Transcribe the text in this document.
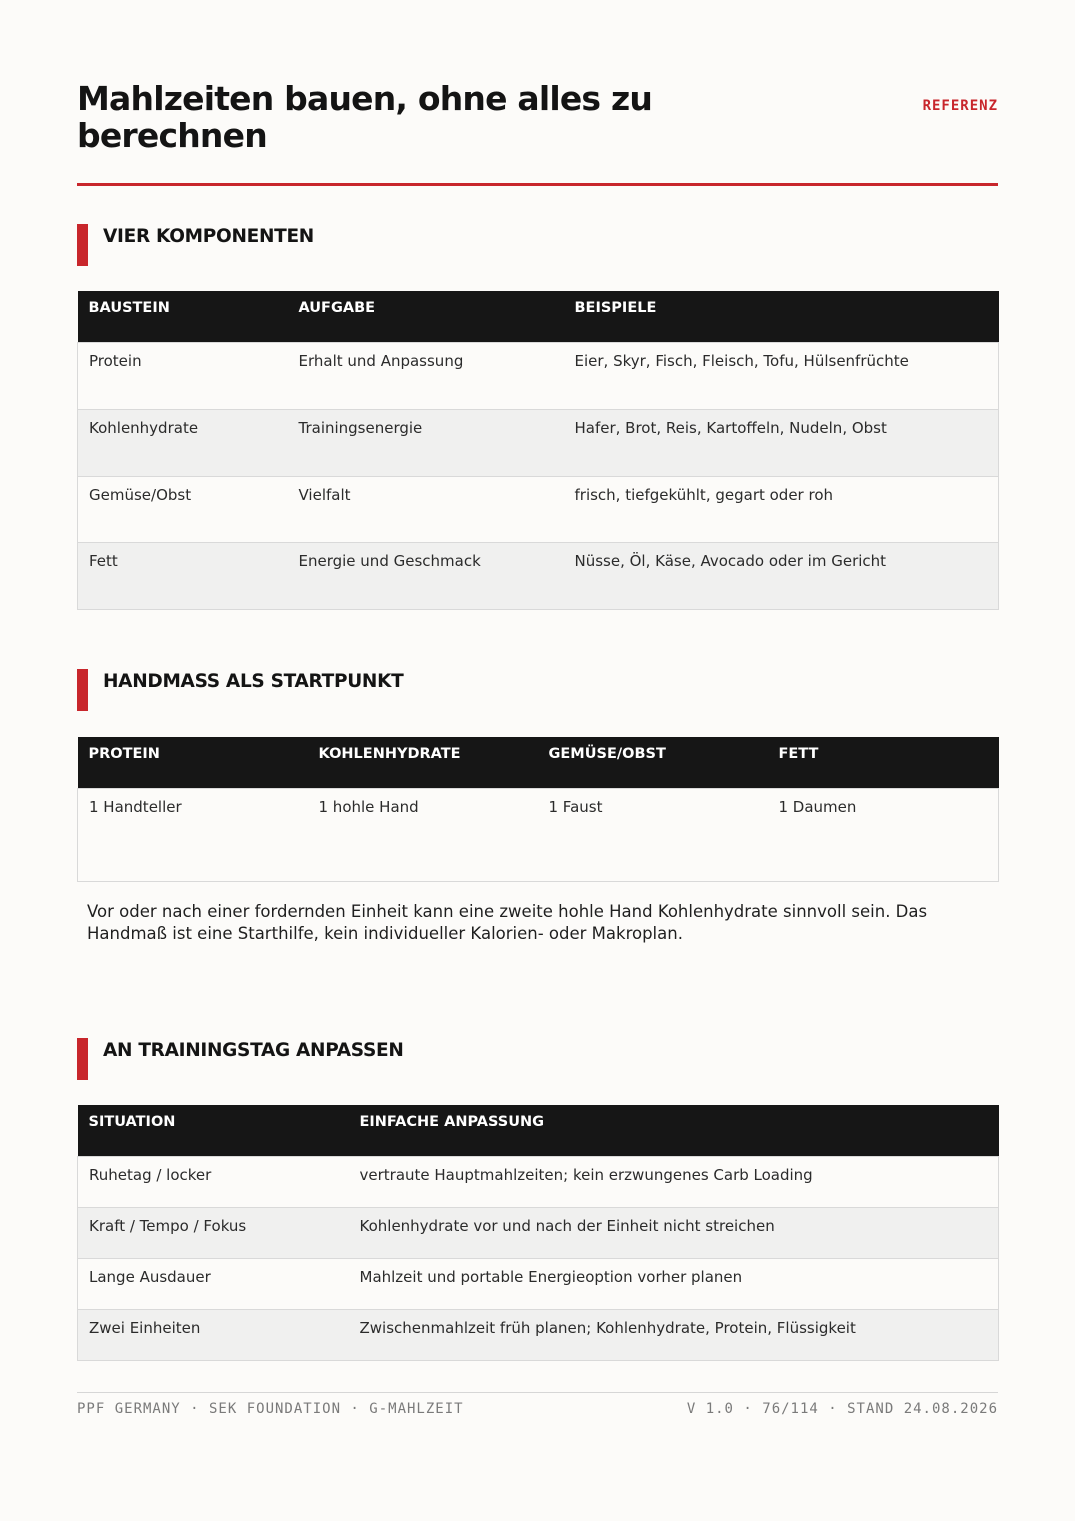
Mahlzeiten bauen, ohne alles zu berechnen
REFERENZ
VIER KOMPONENTEN
BAUSTEIN	AUFGABE	BEISPIELE
Protein	Erhalt und Anpassung	Eier, Skyr, Fisch, Fleisch, Tofu, Hülsenfrüchte
Kohlenhydrate	Trainingsenergie	Hafer, Brot, Reis, Kartoffeln, Nudeln, Obst
Gemüse/Obst	Vielfalt	frisch, tiefgekühlt, gegart oder roh
Fett	Energie und Geschmack	Nüsse, Öl, Käse, Avocado oder im Gericht
HANDMASS ALS STARTPUNKT
PROTEIN	KOHLENHYDRATE	GEMÜSE/OBST	FETT
1 Handteller	1 hohle Hand	1 Faust	1 Daumen

Vor oder nach einer fordernden Einheit kann eine zweite hohle Hand Kohlenhydrate sinnvoll sein. Das Handmaß ist eine Starthilfe, kein individueller Kalorien- oder Makroplan.

AN TRAININGSTAG ANPASSEN
SITUATION	EINFACHE ANPASSUNG
Ruhetag / locker	vertraute Hauptmahlzeiten; kein erzwungenes Carb Loading
Kraft / Tempo / Fokus	Kohlenhydrate vor und nach der Einheit nicht streichen
Lange Ausdauer	Mahlzeit und portable Energieoption vorher planen
Zwei Einheiten	Zwischenmahlzeit früh planen; Kohlenhydrate, Protein, Flüssigkeit
PPF GERMANY · SEK FOUNDATION · G-MAHLZEIT	V 1.0 · 76/114 · STAND 24.08.2026
